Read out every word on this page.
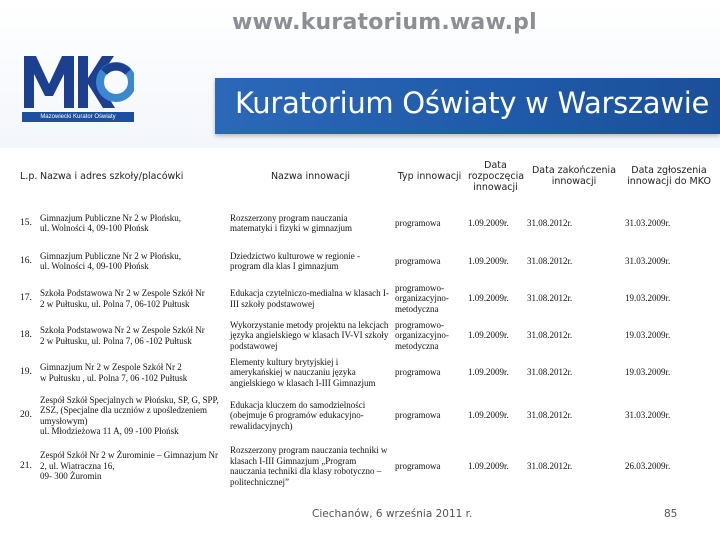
www.kuratorium.waw.pl
Mazowiecki Kurator Oświaty	Kuratorium Oświaty w Warszawie
L.p.	Nazwa i adres szkoły/placówki	Nazwa innowacji	Typ innowacji	Data rozpoczęcia innowacji	Data zakończenia innowacji	Data zgłoszenia innowacji do MKO
15.	Gimnazjum Publiczne Nr 2 w Płońsku,
ul. Wolności 4, 09-100 Płońsk	Rozszerzony program nauczania matematyki i fizyki w gimnazjum	programowa	1.09.2009r.	31.08.2012r.	31.03.2009r.
16.	Gimnazjum Publiczne Nr 2 w Płońsku,
ul. Wolności 4, 09-100 Płońsk	Dziedzictwo kulturowe w regionie - program dla klas I gimnazjum	programowa	1.09.2009r.	31.08.2012r.	31.03.2009r.
17.	Szkoła Podstawowa Nr 2 w Zespole Szkół Nr
2 w Pułtusku, ul. Polna 7, 06-102 Pułtusk	Edukacja czytelniczo-medialna w klasach I-III szkoły podstawowej	programowo-organizacyjno-metodyczna	1.09.2009r.	31.08.2012r.	19.03.2009r.
18.	Szkoła Podstawowa Nr 2 w Zespole Szkół Nr
2 w Pułtusku, ul. Polna 7, 06 -102 Pułtusk	Wykorzystanie metody projektu na lekcjach języka angielskiego w klasach IV-VI szkoły podstawowej	programowo-organizacyjno-metodyczna	1.09.2009r.	31.08.2012r.	19.03.2009r.
19.	Gimnazjum Nr 2 w Zespole Szkół Nr 2
w Pułtusku , ul. Polna 7, 06 -102 Pułtusk	Elementy kultury brytyjskiej i amerykańskiej w nauczaniu języka angielskiego w klasach I-III Gimnazjum	programowa	1.09.2009r.	31.08.2012r.	19.03.2009r.
20.	Zespół Szkół Specjalnych w Płońsku, SP, G, SPP, ZSZ, (Specjalne dla uczniów z upośledzeniem umysłowym)
ul. Młodzieżowa 11 A, 09 -100 Płońsk	Edukacja kluczem do samodzielności (obejmuje 6 programów edukacyjno-rewalidacyjnych)	programowa	1.09.2009r.	31.08.2012r.	31.03.2009r.
21.	Zespół Szkół Nr 2 w Żurominie – Gimnazjum Nr 2, ul. Wiatraczna 16,
09- 300 Żuromin	Rozszerzony program nauczania techniki w klasach I-III Gimnazjum „Program nauczania techniki dla klasy robotyczno –politechnicznej”	programowa	1.09.2009r.	31.08.2012r.	26.03.2009r.
Ciechanów, 6 września 2011 r.	85
